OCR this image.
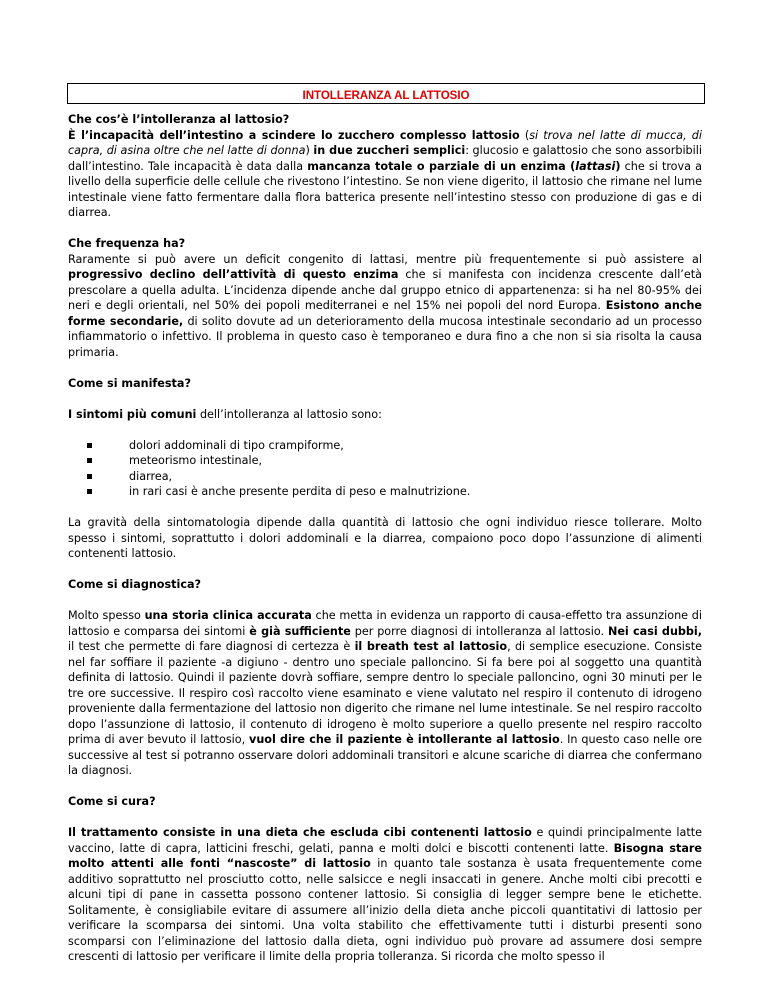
INTOLLERANZA AL LATTOSIO

Che cos’è l’intolleranza al lattosio?

È l’incapacità dell’intestino a scindere lo zucchero complesso lattosio (si trova nel latte di mucca, di capra, di asina oltre che nel latte di donna) in due zuccheri semplici: glucosio e galattosio che sono assorbibili dall’intestino. Tale incapacità è data dalla mancanza totale o parziale di un enzima (lattasi) che si trova a livello della superficie delle cellule che rivestono l’intestino. Se non viene digerito, il lattosio che rimane nel lume intestinale viene fatto fermentare dalla flora batterica presente nell’intestino stesso con produzione di gas e di diarrea.

Che frequenza ha?

Raramente si può avere un deficit congenito di lattasi, mentre più frequentemente si può assistere al progressivo declino dell’attività di questo enzima che si manifesta con incidenza crescente dall’età prescolare a quella adulta. L’incidenza dipende anche dal gruppo etnico di appartenenza: si ha nel 80-95% dei neri e degli orientali, nel 50% dei popoli mediterranei e nel 15% nei popoli del nord Europa. Esistono anche forme secondarie, di solito dovute ad un deterioramento della mucosa intestinale secondario ad un processo infiammatorio o infettivo. Il problema in questo caso è temporaneo e dura fino a che non si sia risolta la causa primaria.

Come si manifesta?

I sintomi più comuni dell’intolleranza al lattosio sono:

dolori addominali di tipo crampiforme,
meteorismo intestinale,
diarrea,
in rari casi è anche presente perdita di peso e malnutrizione.

La gravità della sintomatologia dipende dalla quantità di lattosio che ogni individuo riesce tollerare. Molto spesso i sintomi, soprattutto i dolori addominali e la diarrea, compaiono poco dopo l’assunzione di alimenti contenenti lattosio.

Come si diagnostica?

Molto spesso una storia clinica accurata che metta in evidenza un rapporto di causa-effetto tra assunzione di lattosio e comparsa dei sintomi è già sufficiente per porre diagnosi di intolleranza al lattosio. Nei casi dubbi, il test che permette di fare diagnosi di certezza è il breath test al lattosio, di semplice esecuzione. Consiste nel far soffiare il paziente -a digiuno - dentro uno speciale palloncino. Si fa bere poi al soggetto una quantità definita di lattosio. Quindi il paziente dovrà soffiare, sempre dentro lo speciale palloncino, ogni 30 minuti per le tre ore successive. Il respiro così raccolto viene esaminato e viene valutato nel respiro il contenuto di idrogeno proveniente dalla fermentazione del lattosio non digerito che rimane nel lume intestinale. Se nel respiro raccolto dopo l’assunzione di lattosio, il contenuto di idrogeno è molto superiore a quello presente nel respiro raccolto prima di aver bevuto il lattosio, vuol dire che il paziente è intollerante al lattosio. In questo caso nelle ore successive al test si potranno osservare dolori addominali transitori e alcune scariche di diarrea che confermano la diagnosi.

Come si cura?

Il trattamento consiste in una dieta che escluda cibi contenenti lattosio e quindi principalmente latte vaccino, latte di capra, latticini freschi, gelati, panna e molti dolci e biscotti contenenti latte. Bisogna stare molto attenti alle fonti “nascoste” di lattosio in quanto tale sostanza è usata frequentemente come additivo soprattutto nel prosciutto cotto, nelle salsicce e negli insaccati in genere. Anche molti cibi precotti e alcuni tipi di pane in cassetta possono contener lattosio. Si consiglia di legger sempre bene le etichette. Solitamente, è consigliabile evitare di assumere all’inizio della dieta anche piccoli quantitativi di lattosio per verificare la scomparsa dei sintomi. Una volta stabilito che effettivamente tutti i disturbi presenti sono scomparsi con l’eliminazione del lattosio dalla dieta, ogni individuo può provare ad assumere dosi sempre crescenti di lattosio per verificare il limite della propria tolleranza. Si ricorda che molto spesso il
